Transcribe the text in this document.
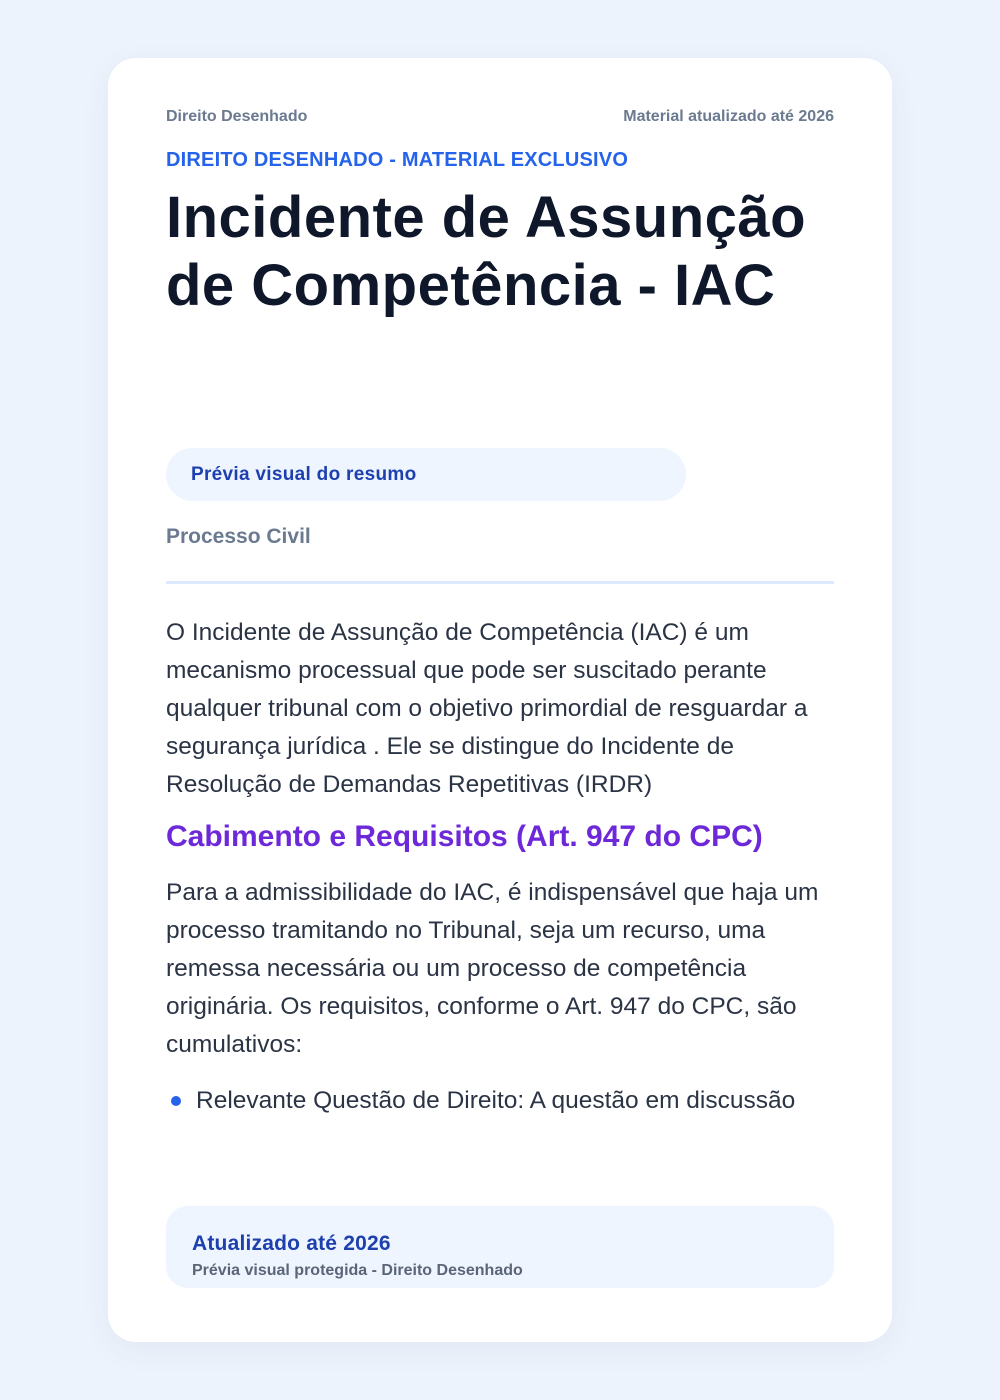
Direito Desenhado	Material atualizado até 2026
DIREITO DESENHADO - MATERIAL EXCLUSIVO
Incidente de Assunção de Competência - IAC
Prévia visual do resumo
Processo Civil

O Incidente de Assunção de Competência (IAC) é um mecanismo processual que pode ser suscitado perante qualquer tribunal com o objetivo primordial de resguardar a segurança jurídica . Ele se distingue do Incidente de Resolução de Demandas Repetitivas (IRDR)

Cabimento e Requisitos (Art. 947 do CPC)

Para a admissibilidade do IAC, é indispensável que haja um processo tramitando no Tribunal, seja um recurso, uma remessa necessária ou um processo de competência originária. Os requisitos, conforme o Art. 947 do CPC, são cumulativos:

Relevante Questão de Direito: A questão em discussão
Atualizado até 2026
Prévia visual protegida - Direito Desenhado
